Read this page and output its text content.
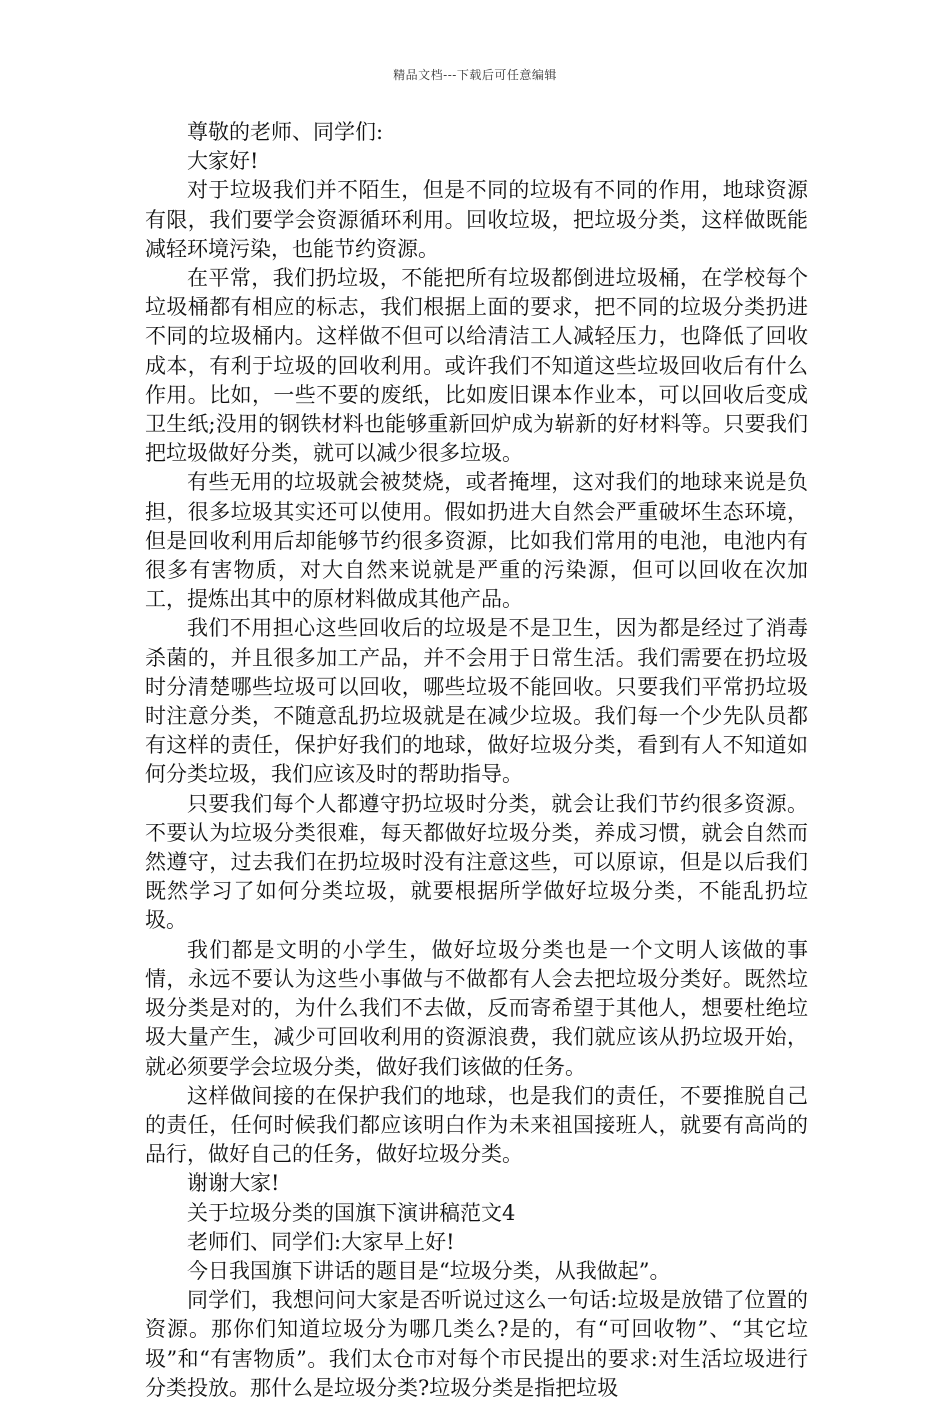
精品文档---下载后可任意编辑

尊敬的老师、同学们:

大家好!

对于垃圾我们并不陌生，但是不同的垃圾有不同的作用，地球资源有限，我们要学会资源循环利用。回收垃圾，把垃圾分类，这样做既能减轻环境污染，也能节约资源。

在平常，我们扔垃圾，不能把所有垃圾都倒进垃圾桶，在学校每个垃圾桶都有相应的标志，我们根据上面的要求，把不同的垃圾分类扔进不同的垃圾桶内。这样做不但可以给清洁工人减轻压力，也降低了回收成本，有利于垃圾的回收利用。或许我们不知道这些垃圾回收后有什么作用。比如，一些不要的废纸，比如废旧课本作业本，可以回收后变成卫生纸;没用的钢铁材料也能够重新回炉成为崭新的好材料等。只要我们把垃圾做好分类，就可以减少很多垃圾。

有些无用的垃圾就会被焚烧，或者掩埋，这对我们的地球来说是负担，很多垃圾其实还可以使用。假如扔进大自然会严重破坏生态环境，但是回收利用后却能够节约很多资源，比如我们常用的电池，电池内有很多有害物质，对大自然来说就是严重的污染源，但可以回收在次加工，提炼出其中的原材料做成其他产品。

我们不用担心这些回收后的垃圾是不是卫生，因为都是经过了消毒杀菌的，并且很多加工产品，并不会用于日常生活。我们需要在扔垃圾时分清楚哪些垃圾可以回收，哪些垃圾不能回收。只要我们平常扔垃圾时注意分类，不随意乱扔垃圾就是在减少垃圾。我们每一个少先队员都有这样的责任，保护好我们的地球，做好垃圾分类，看到有人不知道如何分类垃圾，我们应该及时的帮助指导。

只要我们每个人都遵守扔垃圾时分类，就会让我们节约很多资源。不要认为垃圾分类很难，每天都做好垃圾分类，养成习惯，就会自然而然遵守，过去我们在扔垃圾时没有注意这些，可以原谅，但是以后我们既然学习了如何分类垃圾，就要根据所学做好垃圾分类，不能乱扔垃圾。

我们都是文明的小学生，做好垃圾分类也是一个文明人该做的事情，永远不要认为这些小事做与不做都有人会去把垃圾分类好。既然垃圾分类是对的，为什么我们不去做，反而寄希望于其他人，想要杜绝垃圾大量产生，减少可回收利用的资源浪费，我们就应该从扔垃圾开始，就必须要学会垃圾分类，做好我们该做的任务。

这样做间接的在保护我们的地球，也是我们的责任，不要推脱自己的责任，任何时候我们都应该明白作为未来祖国接班人，就要有高尚的品行，做好自己的任务，做好垃圾分类。

谢谢大家!

关于垃圾分类的国旗下演讲稿范文4

老师们、同学们:大家早上好!

今日我国旗下讲话的题目是“垃圾分类，从我做起”。

同学们，我想问问大家是否听说过这么一句话:垃圾是放错了位置的资源。那你们知道垃圾分为哪几类么?是的，有“可回收物”、“其它垃圾”和“有害物质”。我们太仓市对每个市民提出的要求:对生活垃圾进行分类投放。那什么是垃圾分类?垃圾分类是指把垃圾
